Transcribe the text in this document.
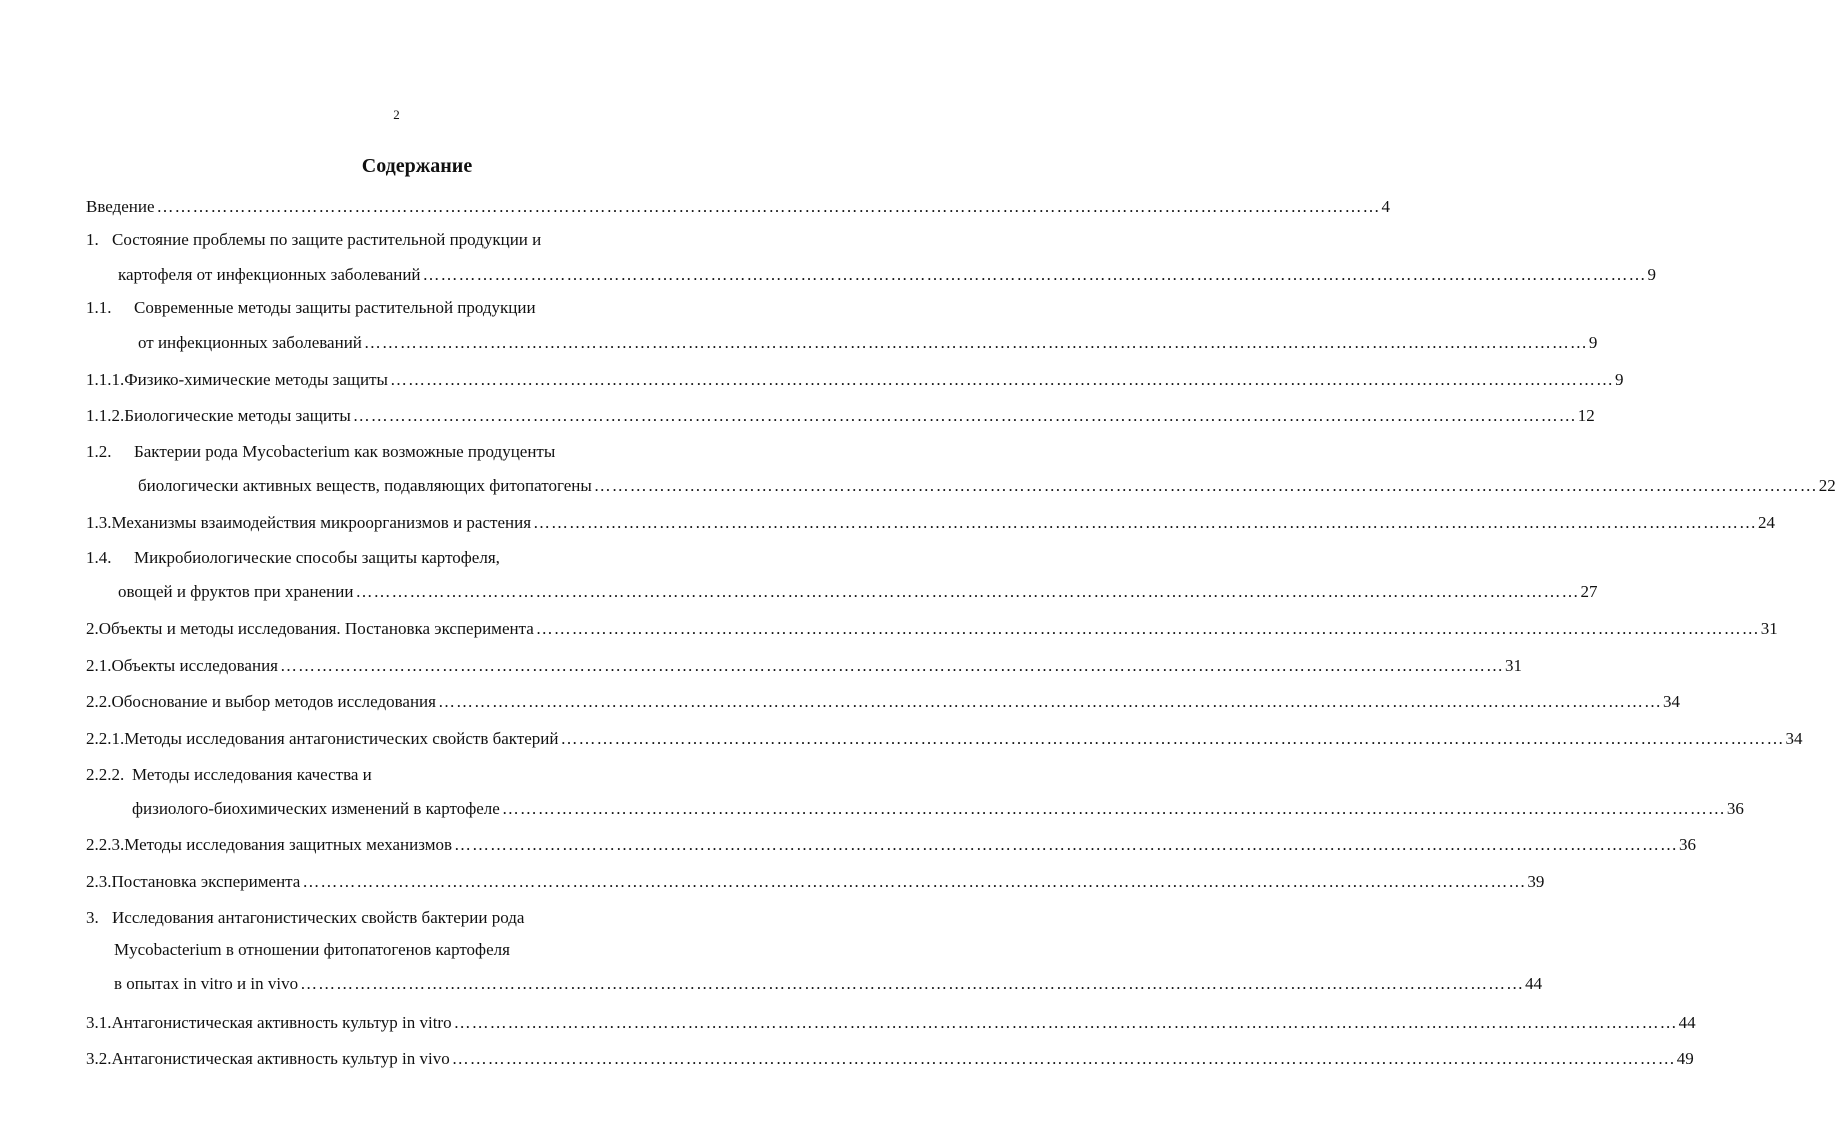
2
Содержание
Введение …………………………………………………………………………………………………………………………………………………………………………………… 4
1. Состояние проблемы по защите растительной продукции и
картофеля от инфекционных заболеваний …………………………………………………………………………………………………………………………………………………………………………………… 9
1.1. Современные методы защиты растительной продукции
от инфекционных заболеваний …………………………………………………………………………………………………………………………………………………………………………………… 9
1.1.1. Физико-химические методы защиты …………………………………………………………………………………………………………………………………………………………………………………… 9
1.1.2. Биологические методы защиты …………………………………………………………………………………………………………………………………………………………………………………… 12
1.2. Бактерии рода Mycobacterium как возможные продуценты
биологически активных веществ, подавляющих фитопатогены …………………………………………………………………………………………………………………………………………………………………………………… 22
1.3. Механизмы взаимодействия микроорганизмов и растения …………………………………………………………………………………………………………………………………………………………………………………… 24
1.4. Микробиологические способы защиты картофеля,
овощей и фруктов при хранении …………………………………………………………………………………………………………………………………………………………………………………… 27
2. Объекты и методы исследования. Постановка эксперимента …………………………………………………………………………………………………………………………………………………………………………………… 31
2.1. Объекты исследования …………………………………………………………………………………………………………………………………………………………………………………… 31
2.2. Обоснование и выбор методов исследования …………………………………………………………………………………………………………………………………………………………………………………… 34
2.2.1. Методы исследования антагонистических свойств бактерий …………………………………………………………………………………………………………………………………………………………………………………… 34
2.2.2. Методы исследования качества и
физиолого-биохимических изменений в картофеле …………………………………………………………………………………………………………………………………………………………………………………… 36
2.2.3. Методы исследования защитных механизмов …………………………………………………………………………………………………………………………………………………………………………………… 36
2.3. Постановка эксперимента …………………………………………………………………………………………………………………………………………………………………………………… 39
3. Исследования антагонистических свойств бактерии рода
Mycobacterium в отношении фитопатогенов картофеля
в опытах in vitro и in vivo …………………………………………………………………………………………………………………………………………………………………………………… 44
3.1. Антагонистическая активность культур in vitro …………………………………………………………………………………………………………………………………………………………………………………… 44
3.2. Антагонистическая активность культур in vivo …………………………………………………………………………………………………………………………………………………………………………………… 49
